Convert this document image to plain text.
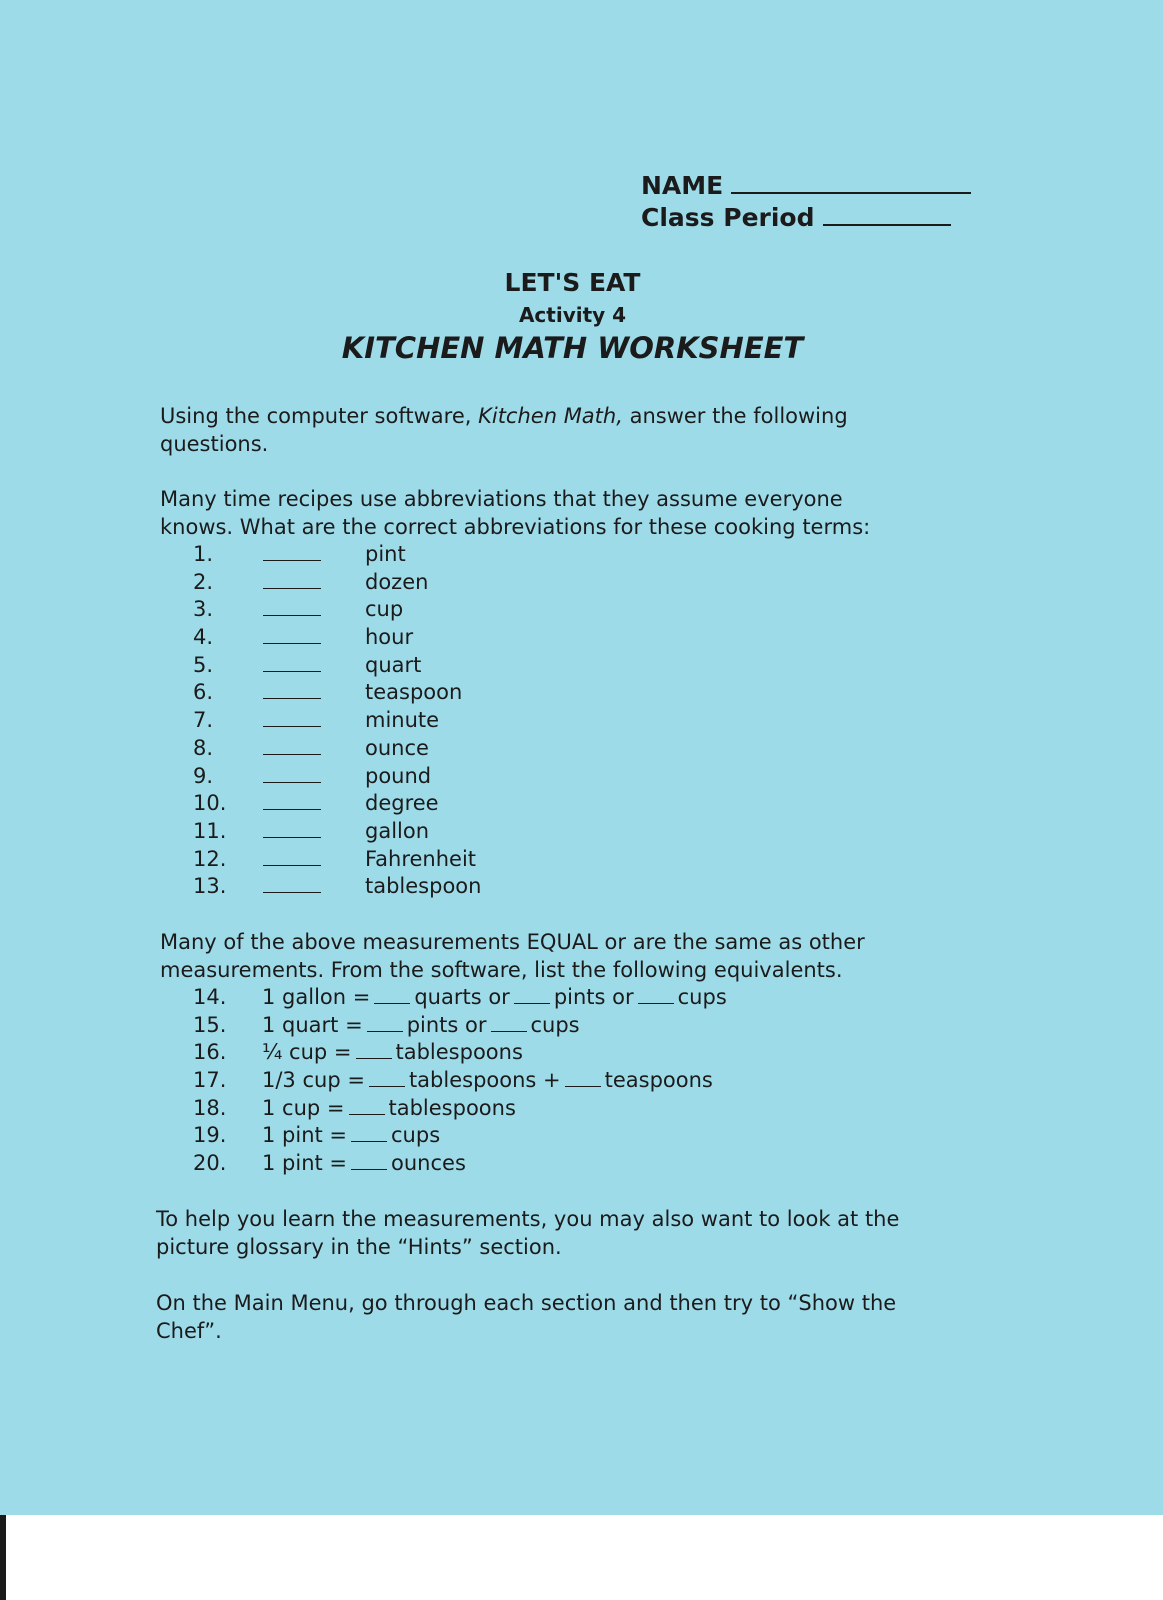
NAME
Class Period
LET'S EAT
Activity 4
KITCHEN MATH WORKSHEET
Using the computer software, Kitchen Math, answer the following
questions.
Many time recipes use abbreviations that they assume everyone
knows. What are the correct abbreviations for these cooking terms:
1.	pint
2.	dozen
3.	cup
4.	hour
5.	quart
6.	teaspoon
7.	minute
8.	ounce
9.	pound
10.	degree
11.	gallon
12.	Fahrenheit
13.	tablespoon
Many of the above measurements EQUAL or are the same as other
measurements. From the software, list the following equivalents.
14. 1 gallon = quarts or pints or cups
15. 1 quart = pints or cups
16. ¼ cup = tablespoons
17. 1/3 cup = tablespoons + teaspoons
18. 1 cup = tablespoons
19. 1 pint = cups
20. 1 pint = ounces
To help you learn the measurements, you may also want to look at the
picture glossary in the “Hints” section.
On the Main Menu, go through each section and then try to “Show the
Chef”.
